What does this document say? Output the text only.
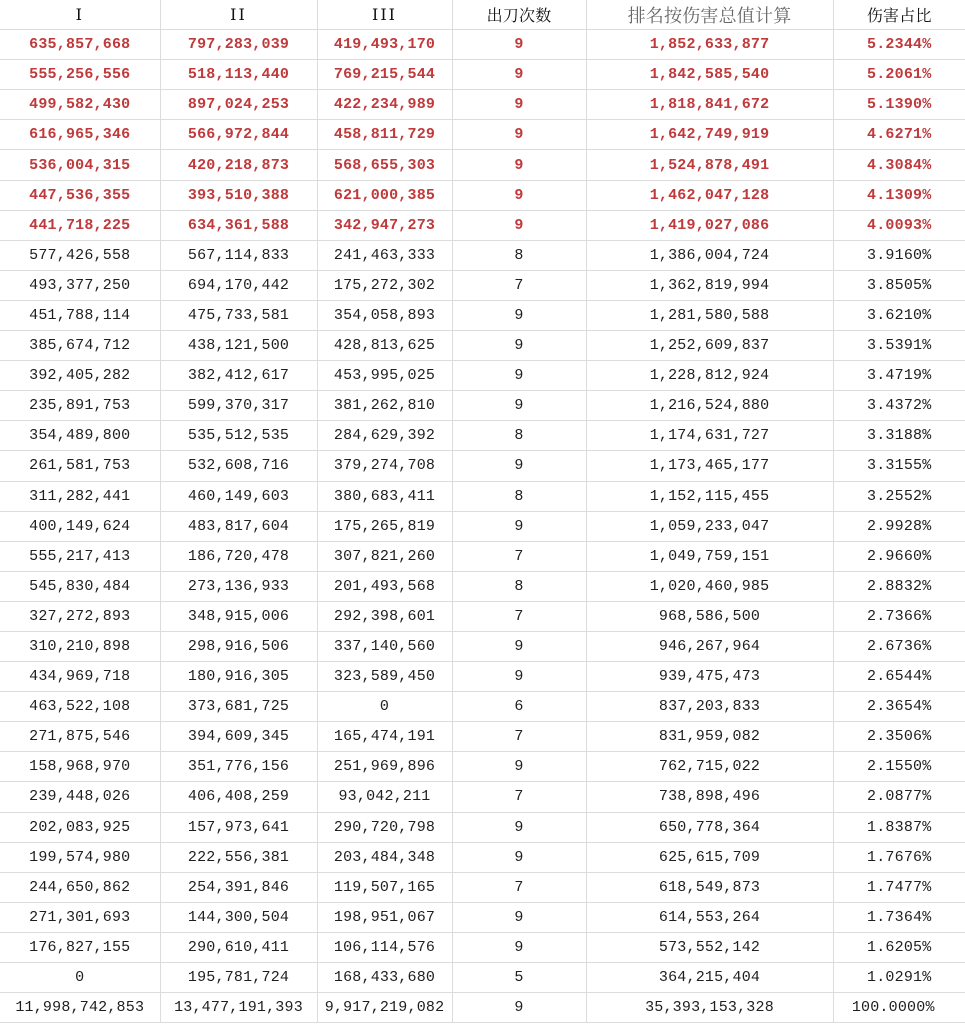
I	II	III	出刀次数	排名按伤害总值计算	伤害占比
635,857,668	797,283,039	419,493,170	9	1,852,633,877	5.2344%
555,256,556	518,113,440	769,215,544	9	1,842,585,540	5.2061%
499,582,430	897,024,253	422,234,989	9	1,818,841,672	5.1390%
616,965,346	566,972,844	458,811,729	9	1,642,749,919	4.6271%
536,004,315	420,218,873	568,655,303	9	1,524,878,491	4.3084%
447,536,355	393,510,388	621,000,385	9	1,462,047,128	4.1309%
441,718,225	634,361,588	342,947,273	9	1,419,027,086	4.0093%
577,426,558	567,114,833	241,463,333	8	1,386,004,724	3.9160%
493,377,250	694,170,442	175,272,302	7	1,362,819,994	3.8505%
451,788,114	475,733,581	354,058,893	9	1,281,580,588	3.6210%
385,674,712	438,121,500	428,813,625	9	1,252,609,837	3.5391%
392,405,282	382,412,617	453,995,025	9	1,228,812,924	3.4719%
235,891,753	599,370,317	381,262,810	9	1,216,524,880	3.4372%
354,489,800	535,512,535	284,629,392	8	1,174,631,727	3.3188%
261,581,753	532,608,716	379,274,708	9	1,173,465,177	3.3155%
311,282,441	460,149,603	380,683,411	8	1,152,115,455	3.2552%
400,149,624	483,817,604	175,265,819	9	1,059,233,047	2.9928%
555,217,413	186,720,478	307,821,260	7	1,049,759,151	2.9660%
545,830,484	273,136,933	201,493,568	8	1,020,460,985	2.8832%
327,272,893	348,915,006	292,398,601	7	968,586,500	2.7366%
310,210,898	298,916,506	337,140,560	9	946,267,964	2.6736%
434,969,718	180,916,305	323,589,450	9	939,475,473	2.6544%
463,522,108	373,681,725	0	6	837,203,833	2.3654%
271,875,546	394,609,345	165,474,191	7	831,959,082	2.3506%
158,968,970	351,776,156	251,969,896	9	762,715,022	2.1550%
239,448,026	406,408,259	93,042,211	7	738,898,496	2.0877%
202,083,925	157,973,641	290,720,798	9	650,778,364	1.8387%
199,574,980	222,556,381	203,484,348	9	625,615,709	1.7676%
244,650,862	254,391,846	119,507,165	7	618,549,873	1.7477%
271,301,693	144,300,504	198,951,067	9	614,553,264	1.7364%
176,827,155	290,610,411	106,114,576	9	573,552,142	1.6205%
0	195,781,724	168,433,680	5	364,215,404	1.0291%
11,998,742,853	13,477,191,393	9,917,219,082	9	35,393,153,328	100.0000%
